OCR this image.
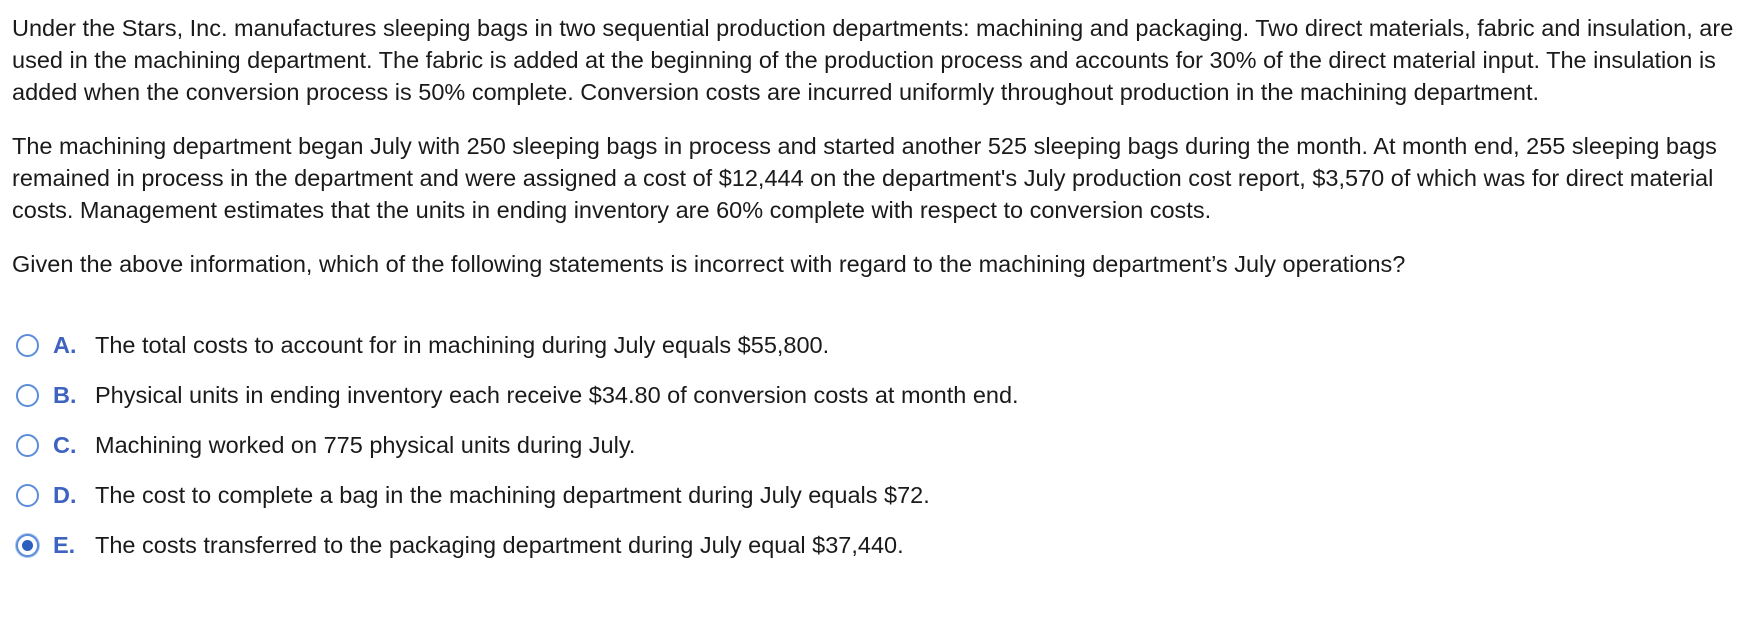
Under the Stars, Inc. manufactures sleeping bags in two sequential production departments: machining and packaging. Two direct materials, fabric and insulation, are used in the machining department. The fabric is added at the beginning of the production process and accounts for 30% of the direct material input. The insulation is added when the conversion process is 50% complete. Conversion costs are incurred uniformly throughout production in the machining department.

The machining department began July with 250 sleeping bags in process and started another 525 sleeping bags during the month. At month end, 255 sleeping bags remained in process in the department and were assigned a cost of $12,444 on the department's July production cost report, $3,570 of which was for direct material costs. Management estimates that the units in ending inventory are 60% complete with respect to conversion costs.

Given the above information, which of the following statements is incorrect with regard to the machining department’s July operations?

A. The total costs to account for in machining during July equals $55,800.
B. Physical units in ending inventory each receive $34.80 of conversion costs at month end.
C. Machining worked on 775 physical units during July.
D. The cost to complete a bag in the machining department during July equals $72.
E. The costs transferred to the packaging department during July equal $37,440.
